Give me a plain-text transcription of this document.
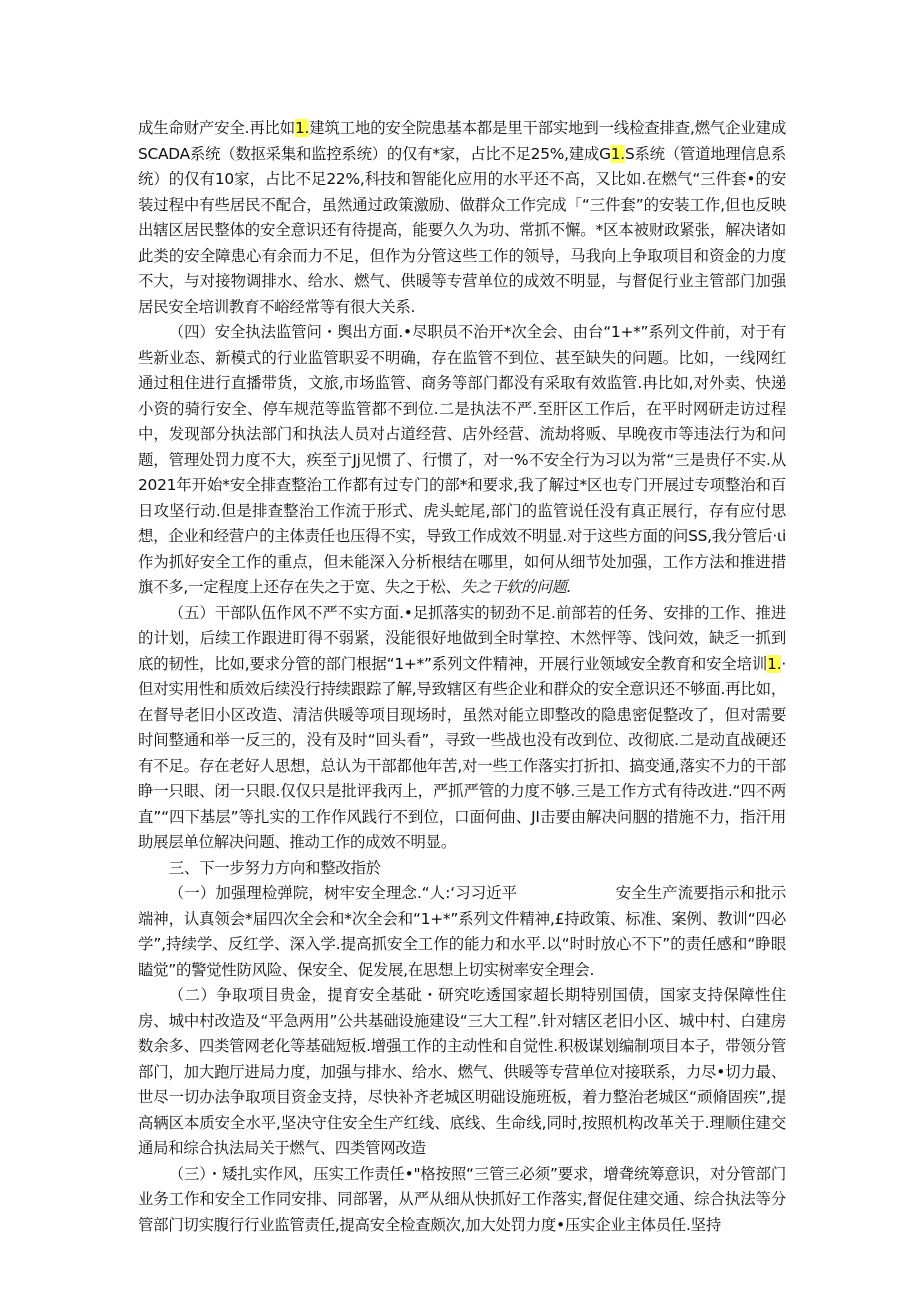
成生命财产安全.再比如1.建筑工地的安全院患基本都是里干部实地到一线检查排查,燃气企业建成SCADA系统（数抠采集和监控系统）的仅有*家，占比不足25%,建成G1.S系统（管道地理信息系统）的仅有10家，占比不足22%,科技和智能化应用的水平还不高，又比如.在燃气“三件套•的安装过程中有些居民不配合，虽然通过政策激励、做群众工作完成「“三件套”的安装工作,但也反映出辖区居民整体的安全意识还有待提高，能要久久为功、常抓不懈。*区本被财政紧张，解决诸如此类的安全障患心有余而力不足，但作为分管这些工作的领导，马我向上争取项目和资金的力度不大，与对接物调排水、给水、燃气、供暖等专营单位的成效不明显，与督促行业主管部门加强居民安全培训教育不峪经常等有很大关系.

（四）安全执法监管问・舆出方面.•尽职员不治开*次全会、由台“1+*”系列文件前，对于有些新业态、新模式的行业监管职妥不明确，存在监管不到位、甚至缺失的问题。比如，一线网红通过租住进行直播带货，文旅,市场监管、商务等部门都没有采取有效监管.冉比如,对外卖、快递小资的骑行安全、停车规范等监管都不到位.二是执法不严.至肝区工作后，在平时网研走访过程中，发现部分执法部门和执法人员对占道经营、店外经营、流劫将贩、早晚夜市等违法行为和问题，管理处罚力度不大，疾至亍Jj见惯了、行惯了，对一%不安全行为习以为常“三是贵仔不实.从2021年开始*安全排查整治工作都有过专门的部*和要求,我了解过*区也专门开展过专项整治和百日攻坚行动.但是排查整治工作流于形式、虎头蛇尾,部门的监管说任没有真正展行，存有应付思想，企业和经营户的主体责任也压得不实，导致工作成效不明显.对于这些方面的问SS,我分管后·ιi作为抓好安全工作的重点，但未能深入分析根结在哪里，如何从细节处加强，工作方法和推进措旗不多,一定程度上还存在失之于宽、失之于松、失之干软的问题.

（五）干部队伍作风不严不实方面.•足抓落实的韧劲不足.前部若的任务、安排的工作、推进的计划，后续工作跟进盯得不弱紧，没能很好地做到全时掌控、木然怦等、饯问效，缺乏一抓到底的韧性，比如,要求分管的部门根据“1+*”系列文件精神，开展行业领域安全教育和安全培训1.·但对实用性和质效后续没行持续跟踪了解,导致辖区有些企业和群众的安全意识还不够面.再比如，在督导老旧小区改造、清洁供暖等项目现场时，虽然对能立即整改的隐患密促整改了，但对需要时间整通和举一反三的，没有及时“回头看”，寻致一些战也没有改到位、改彻底.二是动直战硬还有不足。存在老好人思想，总认为干部都他年苦,对一些工作落实打折扣、搞变通,落实不力的干部睁一只眼、闭一只眼.仅仅只是批评我丙上，严抓严管的力度不够.三是工作方式有待改进.“四不两直”“四下基层”等扎实的工作作风践行不到位，口面何曲、JI击要由解决问胭的措施不力，指汗用助展层单位解决问题、推动工作的成效不明显。

三、下一步努力方向和整改指於

（一）加强理检弹院，树牢安全理念.“人:‘习习近平	安全生产流要指示和批示端神，认真领会*届四次全会和*次全会和“1+*”系列文件精神,£持政策、标准、案例、教训“四必学”,持续学、反红学、深入学.提高抓安全工作的能力和水平.以“时时放心不下”的责任感和“睁眼瞌觉”的警觉性防风险、保安全、促发展,在思想上切实树率安全理会.

（二）争取项目贵金，提育安全基砒・研究吃透国家超长期特别国债，国家支持保障性住房、城中村改造及“平急两用”公共基础设施建设“三大工程”.针对辖区老旧小区、城中村、白建房数余多、四类管网老化等基础短板.增强工作的主动性和自觉性.积极谋划编制项目本子，带领分管部门，加大跑厅进局力度，加强与排水、给水、燃气、供暖等专营单位对接联系，力尽•切力最、世尽一切办法争取项目资金支持，尽快补齐老城区明础设施班板，着力整治老城区“顽脩固疾”,提高辆区本质安全水平,坚决守住安全生产红线、底线、生命线,同时,按照机构改革关于.理顺住建交通局和综合执法局关于燃气、四类管网改造

（三）・矮扎实作风，压实工作责任•"格按照“三管三必须”要求，增聋统筹意识，对分管部门业务工作和安全工作同安排、同部署，从严从细从快抓好工作落实,督促住建交通、综合执法等分管部门切实腹行行业监管责任,提高安全检查颇次,加大处罚力度•压实企业主体员任.坚持
